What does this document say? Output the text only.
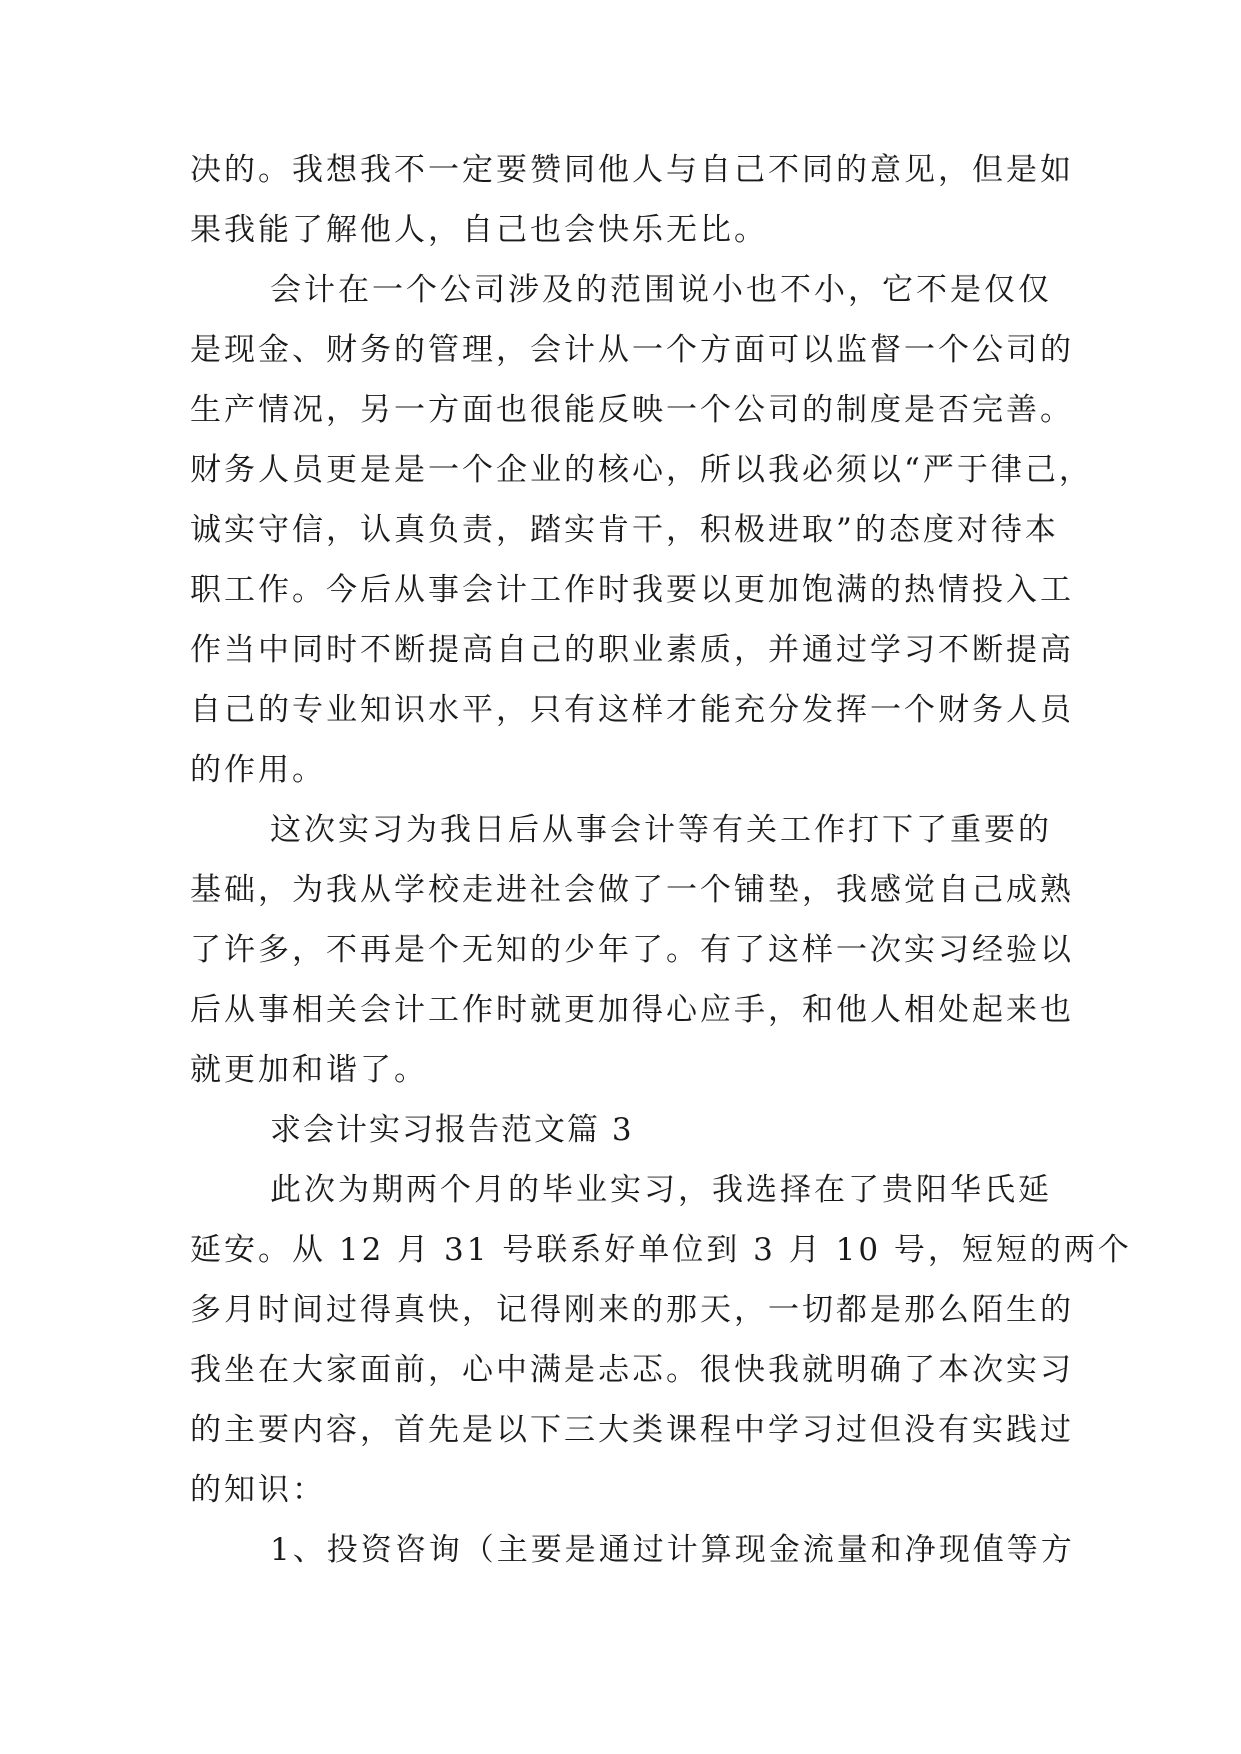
决的。我想我不一定要赞同他人与自己不同的意见，但是如
果我能了解他人，自己也会快乐无比。
会计在一个公司涉及的范围说小也不小，它不是仅仅
是现金、财务的管理，会计从一个方面可以监督一个公司的
生产情况，另一方面也很能反映一个公司的制度是否完善。
财务人员更是是一个企业的核心，所以我必须以“严于律己，
诚实守信，认真负责，踏实肯干，积极进取”的态度对待本
职工作。今后从事会计工作时我要以更加饱满的热情投入工
作当中同时不断提高自己的职业素质，并通过学习不断提高
自己的专业知识水平，只有这样才能充分发挥一个财务人员
的作用。
这次实习为我日后从事会计等有关工作打下了重要的
基础，为我从学校走进社会做了一个铺垫，我感觉自己成熟
了许多，不再是个无知的少年了。有了这样一次实习经验以
后从事相关会计工作时就更加得心应手，和他人相处起来也
就更加和谐了。
求会计实习报告范文篇 3
此次为期两个月的毕业实习，我选择在了贵阳华氏延
延安。从 12 月 31 号联系好单位到 3 月 10 号，短短的两个
多月时间过得真快，记得刚来的那天，一切都是那么陌生的
我坐在大家面前，心中满是忐忑。很快我就明确了本次实习
的主要内容，首先是以下三大类课程中学习过但没有实践过
的知识：
1、投资咨询（主要是通过计算现金流量和净现值等方
